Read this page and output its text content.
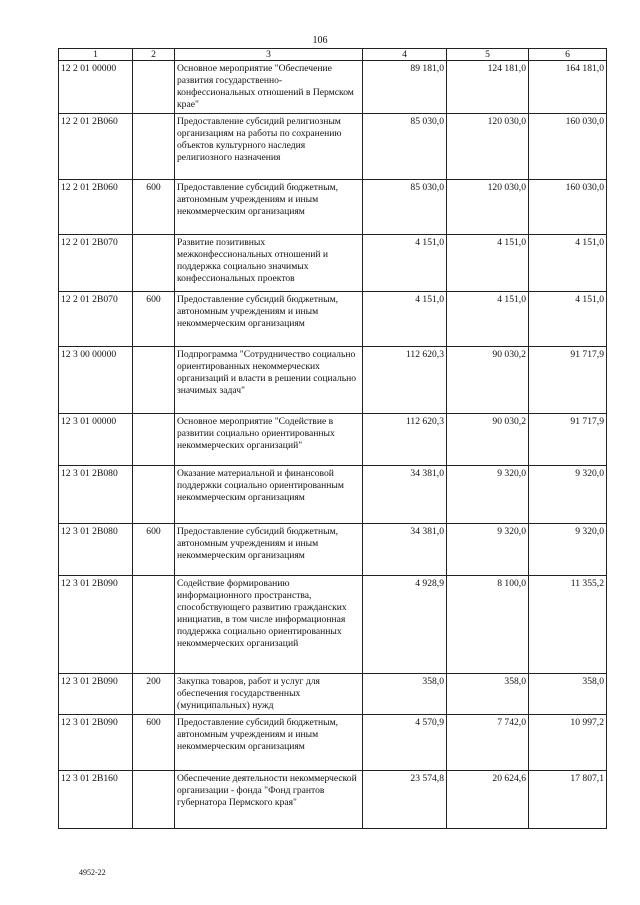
106
1	2	3	4	5	6
12 2 01 00000		Основное мероприятие "Обеспечение развития государственно-конфессиональных отношений в Пермском крае"	89 181,0	124 181,0	164 181,0
12 2 01 2В060		Предоставление субсидий религиозным организациям на работы по сохранению объектов культурного наследия религиозного назначения	85 030,0	120 030,0	160 030,0
12 2 01 2В060	600	Предоставление субсидий бюджетным, автономным учреждениям и иным некоммерческим организациям	85 030,0	120 030,0	160 030,0
12 2 01 2В070		Развитие позитивных межконфессиональных отношений и поддержка социально значимых конфессиональных проектов	4 151,0	4 151,0	4 151,0
12 2 01 2В070	600	Предоставление субсидий бюджетным, автономным учреждениям и иным некоммерческим организациям	4 151,0	4 151,0	4 151,0
12 3 00 00000		Подпрограмма "Сотрудничество социально ориентированных некоммерческих организаций и власти в решении социально значимых задач"	112 620,3	90 030,2	91 717,9
12 3 01 00000		Основное мероприятие "Содействие в развитии социально ориентированных некоммерческих организаций"	112 620,3	90 030,2	91 717,9
12 3 01 2В080		Оказание материальной и финансовой поддержки социально ориентированным некоммерческим организациям	34 381,0	9 320,0	9 320,0
12 3 01 2В080	600	Предоставление субсидий бюджетным, автономным учреждениям и иным некоммерческим организациям	34 381,0	9 320,0	9 320,0
12 3 01 2В090		Содействие формированию информационного пространства, способствующего развитию гражданских инициатив, в том числе информационная поддержка социально ориентированных некоммерческих организаций	4 928,9	8 100,0	11 355,2
12 3 01 2В090	200	Закупка товаров, работ и услуг для обеспечения государственных (муниципальных) нужд	358,0	358,0	358,0
12 3 01 2В090	600	Предоставление субсидий бюджетным, автономным учреждениям и иным некоммерческим организациям	4 570,9	7 742,0	10 997,2
12 3 01 2В160		Обеспечение деятельности некоммерческой организации - фонда "Фонд грантов губернатора Пермского края"	23 574,8	20 624,6	17 807,1
4952-22
